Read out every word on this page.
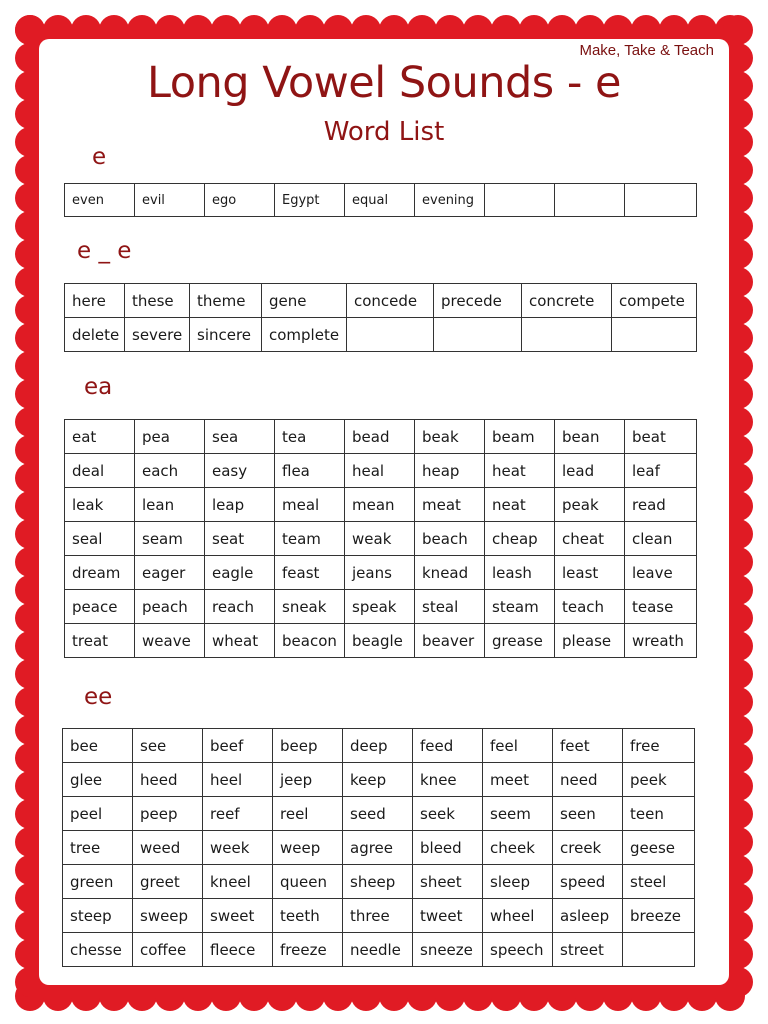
Make, Take & Teach
Long Vowel Sounds - e
Word List
e
even	evil	ego	Egypt	equal	evening			
e _ e
here	these	theme	gene	concede	precede	concrete	compete
delete	severe	sincere	complete				
ea
eat	pea	sea	tea	bead	beak	beam	bean	beat
deal	each	easy	flea	heal	heap	heat	lead	leaf
leak	lean	leap	meal	mean	meat	neat	peak	read
seal	seam	seat	team	weak	beach	cheap	cheat	clean
dream	eager	eagle	feast	jeans	knead	leash	least	leave
peace	peach	reach	sneak	speak	steal	steam	teach	tease
treat	weave	wheat	beacon	beagle	beaver	grease	please	wreath
ee
bee	see	beef	beep	deep	feed	feel	feet	free
glee	heed	heel	jeep	keep	knee	meet	need	peek
peel	peep	reef	reel	seed	seek	seem	seen	teen
tree	weed	week	weep	agree	bleed	cheek	creek	geese
green	greet	kneel	queen	sheep	sheet	sleep	speed	steel
steep	sweep	sweet	teeth	three	tweet	wheel	asleep	breeze
chesse	coffee	fleece	freeze	needle	sneeze	speech	street	
